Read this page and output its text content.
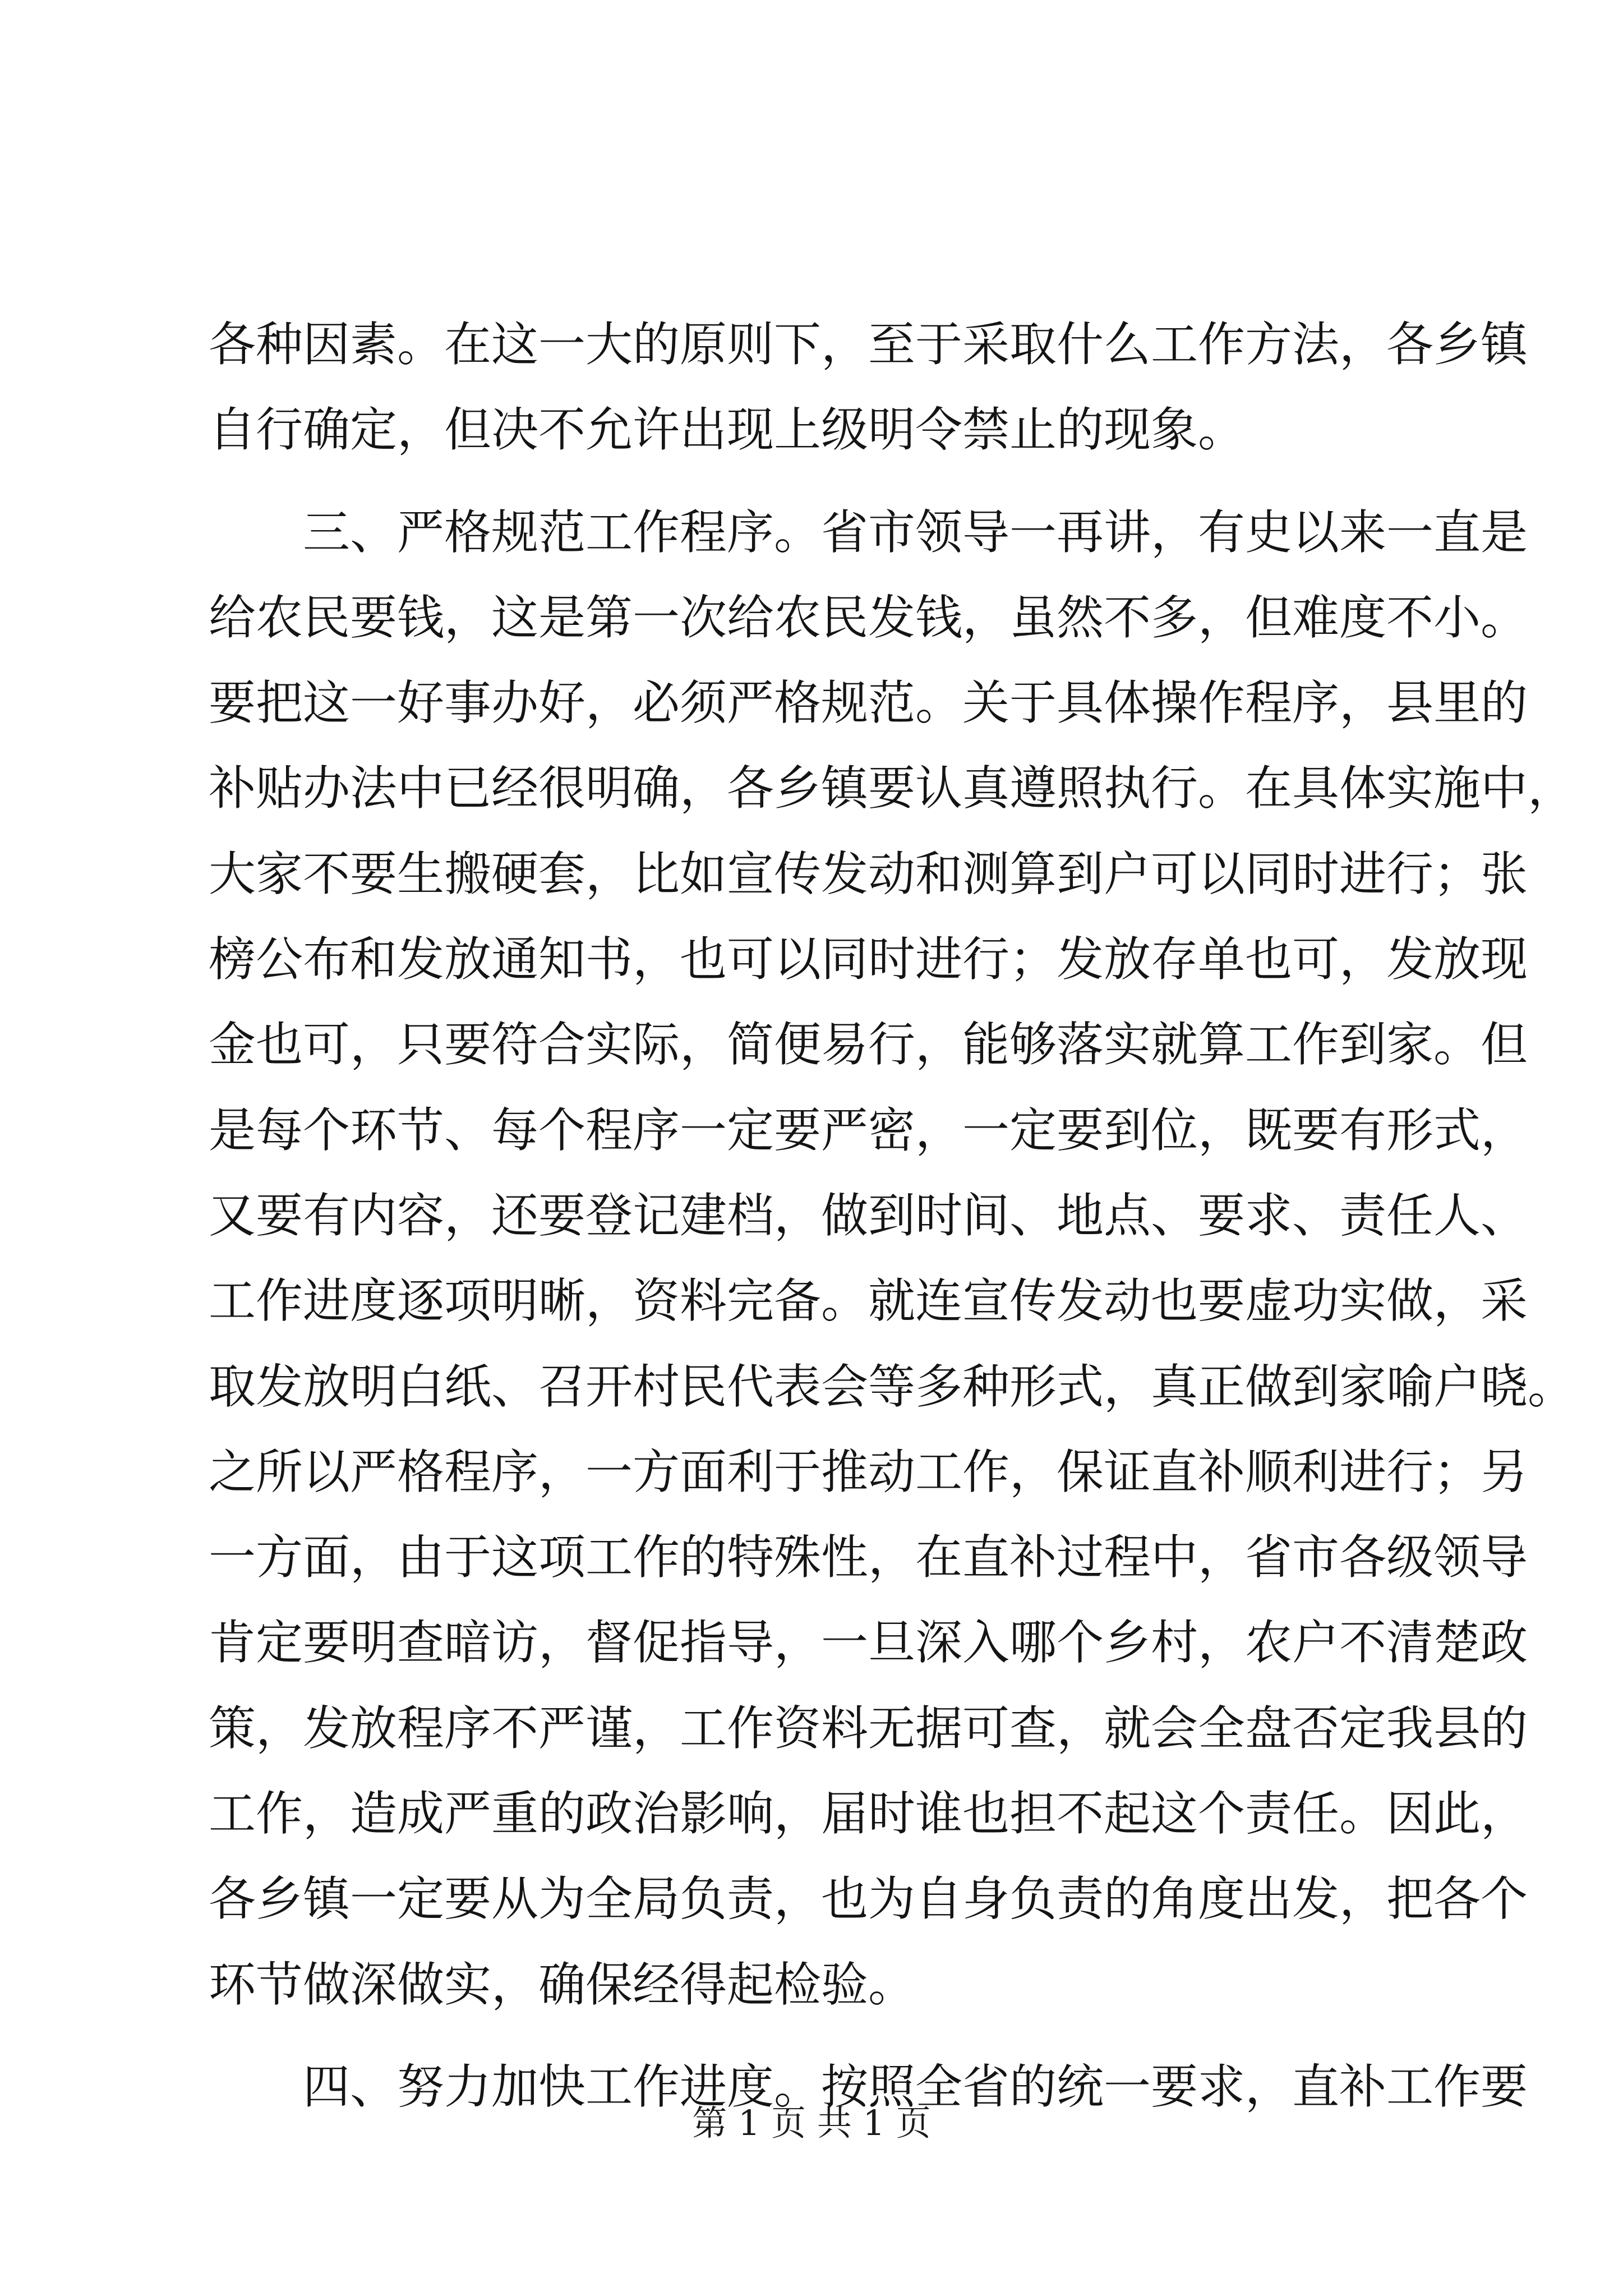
各种因素。在这一大的原则下，至于采取什么工作方法，各乡镇
自行确定，但决不允许出现上级明令禁止的现象。
　　三、严格规范工作程序。省市领导一再讲，有史以来一直是
给农民要钱，这是第一次给农民发钱，虽然不多，但难度不小。
要把这一好事办好，必须严格规范。关于具体操作程序，县里的
补贴办法中已经很明确，各乡镇要认真遵照执行。在具体实施中，
大家不要生搬硬套，比如宣传发动和测算到户可以同时进行；张
榜公布和发放通知书，也可以同时进行；发放存单也可，发放现
金也可，只要符合实际，简便易行，能够落实就算工作到家。但
是每个环节、每个程序一定要严密，一定要到位，既要有形式，
又要有内容，还要登记建档，做到时间、地点、要求、责任人、
工作进度逐项明晰，资料完备。就连宣传发动也要虚功实做，采
取发放明白纸、召开村民代表会等多种形式，真正做到家喻户晓。
之所以严格程序，一方面利于推动工作，保证直补顺利进行；另
一方面，由于这项工作的特殊性，在直补过程中，省市各级领导
肯定要明查暗访，督促指导，一旦深入哪个乡村，农户不清楚政
策，发放程序不严谨，工作资料无据可查，就会全盘否定我县的
工作，造成严重的政治影响，届时谁也担不起这个责任。因此，
各乡镇一定要从为全局负责，也为自身负责的角度出发，把各个
环节做深做实，确保经得起检验。
　　四、努力加快工作进度。按照全省的统一要求，直补工作要
第 1 页 共 1 页
